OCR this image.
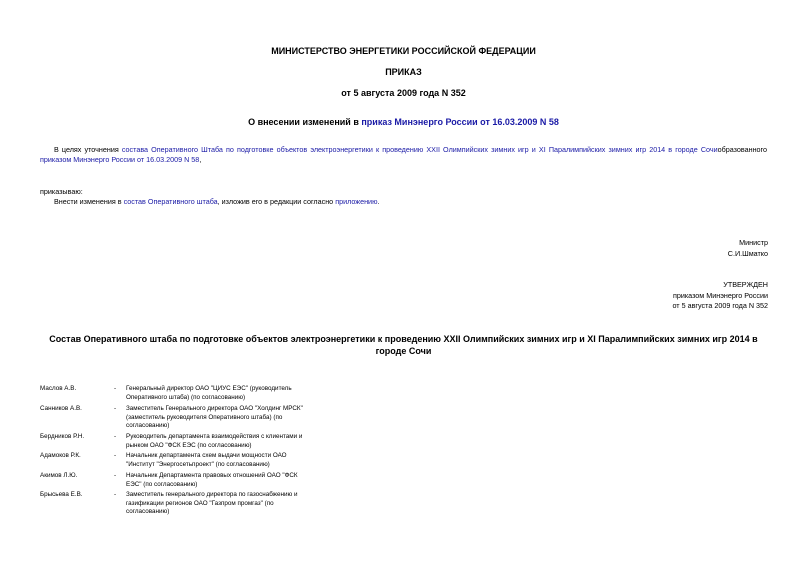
МИНИСТЕРСТВО ЭНЕРГЕТИКИ РОССИЙСКОЙ ФЕДЕРАЦИИ
ПРИКАЗ
от 5 августа 2009 года N 352
О внесении изменений в приказ Минэнерго России от 16.03.2009 N 58
В целях уточнения состава Оперативного Штаба по подготовке объектов электроэнергетики к проведению XXII Олимпийских зимних игр и XI Паралимпийских зимних игр 2014 в городе Сочиобразованного приказом Минэнерго России от 16.03.2009 N 58,
приказываю:
Внести изменения в состав Оперативного штаба, изложив его в редакции согласно приложению.
Министр
С.И.Шматко
УТВЕРЖДЕН
приказом Минэнерго России
от 5 августа 2009 года N 352
Состав Оперативного штаба по подготовке объектов электроэнергетики к проведению XXII Олимпийских зимних игр и XI Паралимпийских зимних игр 2014 в городе Сочи
Маслов А.В.	- Генеральный директор ОАО "ЦИУС ЕЭС" (руководитель Оперативного штаба) (по согласованию)
Санников А.В.	- Заместитель Генерального директора ОАО "Холдинг МРСК" (заместитель руководителя Оперативного штаба) (по согласованию)
Бердников Р.Н.	- Руководитель департамента взаимодействия с клиентами и рынком ОАО "ФСК ЕЭС (по согласованию)
Адамоков Р.К.	- Начальник департамента схем выдачи мощности ОАО "Институт "Энергосетьпроект" (по согласованию)
Акимов Л.Ю.	- Начальник Департамента правовых отношений ОАО "ФСК ЕЭС" (по согласованию)
Брысьева Е.В.	- Заместитель генерального директора по газоснабжению и газификации регионов ОАО "Газпром промгаз" (по согласованию)
